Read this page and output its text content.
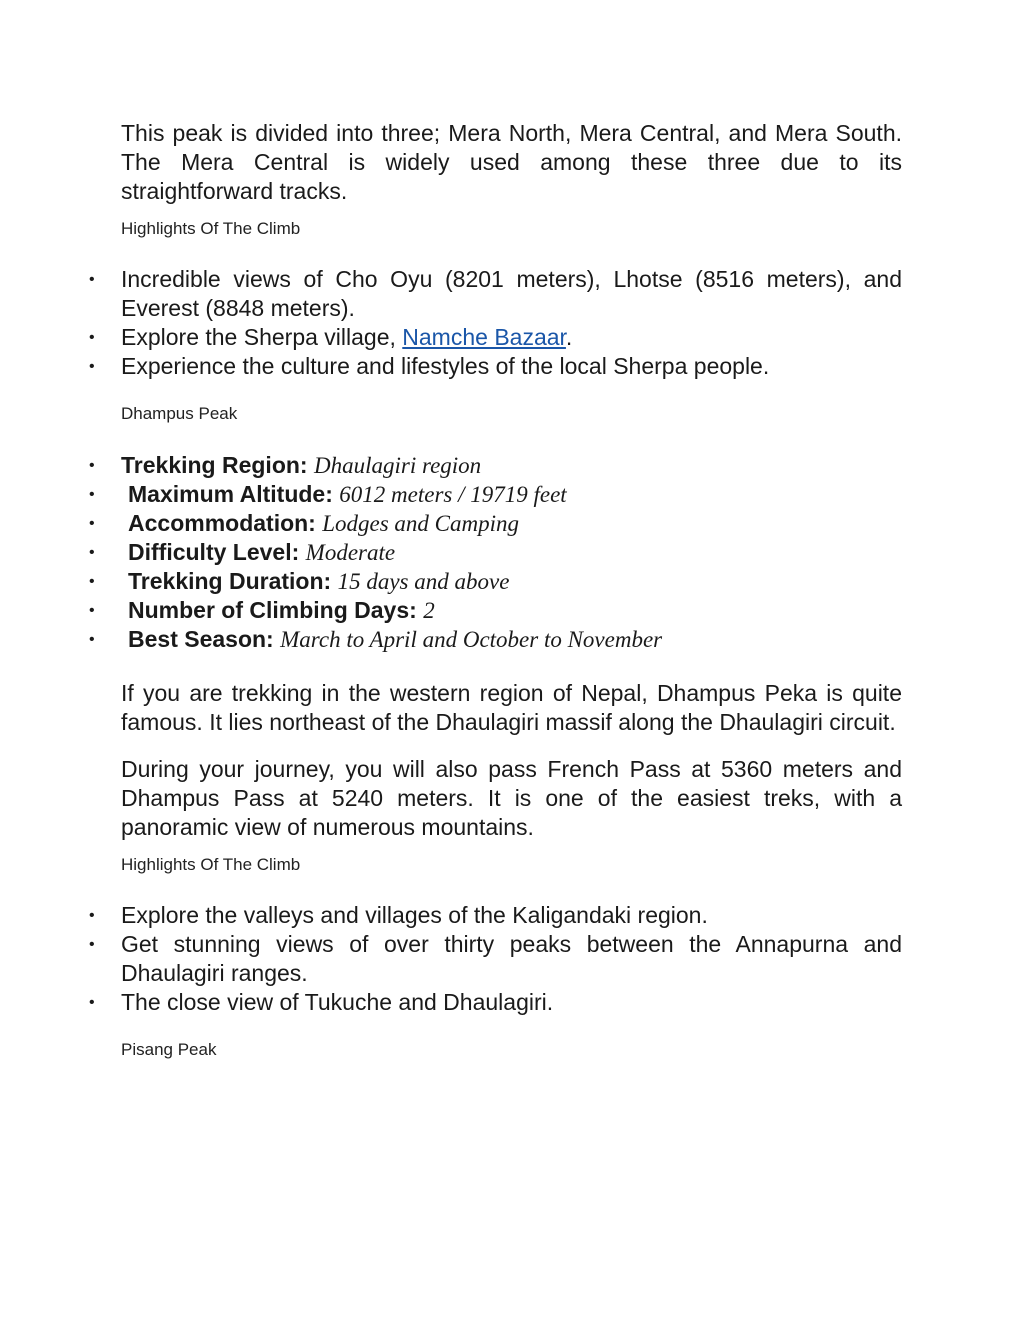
This peak is divided into three; Mera North, Mera Central, and Mera South. The Mera Central is widely used among these three due to its straightforward tracks.

Highlights Of The Climb

• Incredible views of Cho Oyu (8201 meters), Lhotse (8516 meters), and Everest (8848 meters).
• Explore the Sherpa village, Namche Bazaar.
• Experience the culture and lifestyles of the local Sherpa people.

Dhampus Peak

• Trekking Region: Dhaulagiri region
• Maximum Altitude: 6012 meters / 19719 feet
• Accommodation: Lodges and Camping
• Difficulty Level: Moderate
• Trekking Duration: 15 days and above
• Number of Climbing Days: 2
• Best Season: March to April and October to November

If you are trekking in the western region of Nepal, Dhampus Peka is quite famous. It lies northeast of the Dhaulagiri massif along the Dhaulagiri circuit.

During your journey, you will also pass French Pass at 5360 meters and Dhampus Pass at 5240 meters. It is one of the easiest treks, with a panoramic view of numerous mountains.

Highlights Of The Climb

• Explore the valleys and villages of the Kaligandaki region.
• Get stunning views of over thirty peaks between the Annapurna and Dhaulagiri ranges.
• The close view of Tukuche and Dhaulagiri.

Pisang Peak
